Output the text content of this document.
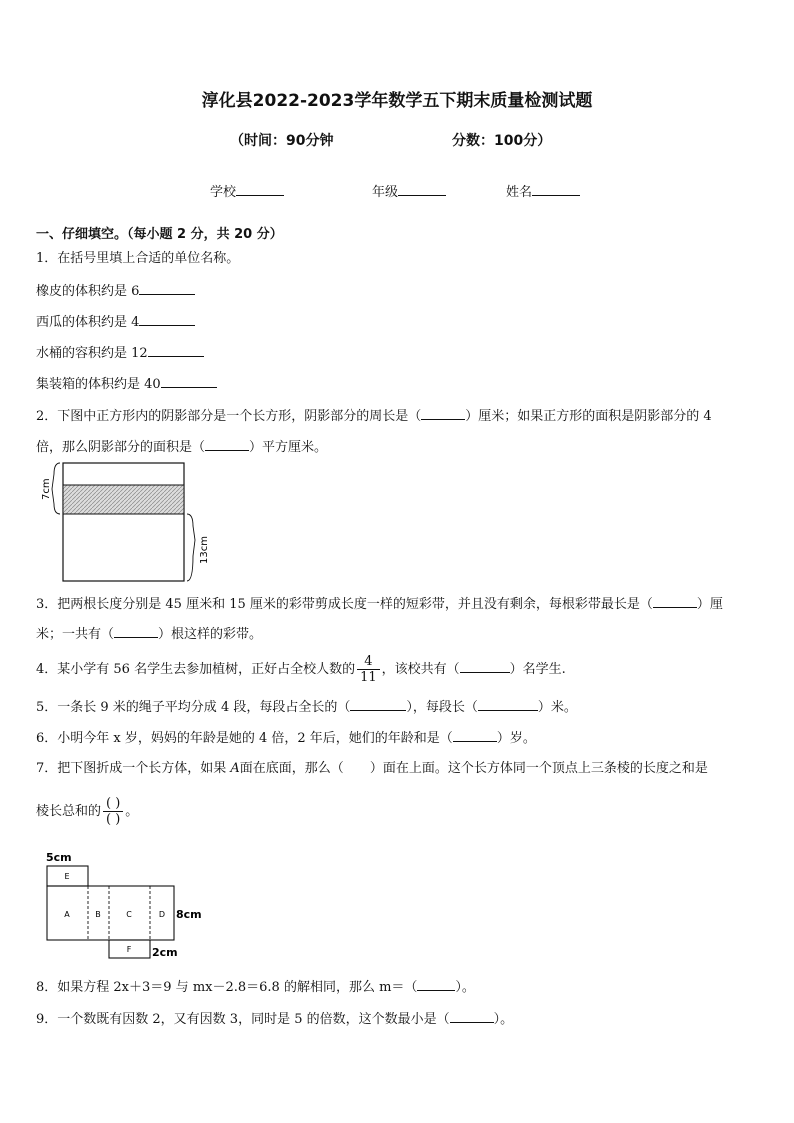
淳化县2022-2023学年数学五下期末质量检测试题
（时间：90分钟	分数：100分）
学校	年级	姓名
一、仔细填空。（每小题 2 分，共 20 分）
1．在括号里填上合适的单位名称。
橡皮的体积约是 6
西瓜的体积约是 4
水桶的容积约是 12
集装箱的体积约是 40
2．下图中正方形内的阴影部分是一个长方形，阴影部分的周长是（	）厘米；如果正方形的面积是阴影部分的 4
倍，那么阴影部分的面积是（	）平方厘米。
7cm
13cm
3．把两根长度分别是 45 厘米和 15 厘米的彩带剪成长度一样的短彩带，并且没有剩余，每根彩带最长是（	）厘
米；一共有（	）根这样的彩带。
4．某小学有 56 名学生去参加植树，正好占全校人数的 $\frac{4}{11}$ ，该校共有（	）名学生.
5．一条长 9 米的绳子平均分成 4 段，每段占全长的（	），每段长（	）米。
6．小明今年 x 岁，妈妈的年龄是她的 4 倍，2 年后，她们的年龄和是（	）岁。
7．把下图折成一个长方体，如果 A面在底面，那么（ ）面在上面。这个长方体同一个顶点上三条棱的长度之和是
棱长总和的 $\frac{( )}{( )}$ 。
5cm
E
A	B	C	D
F
8cm
2cm
8．如果方程 2x＋3＝9 与 mx－2.8＝6.8 的解相同，那么 m＝（	）。
9．一个数既有因数 2，又有因数 3，同时是 5 的倍数，这个数最小是（	）。
